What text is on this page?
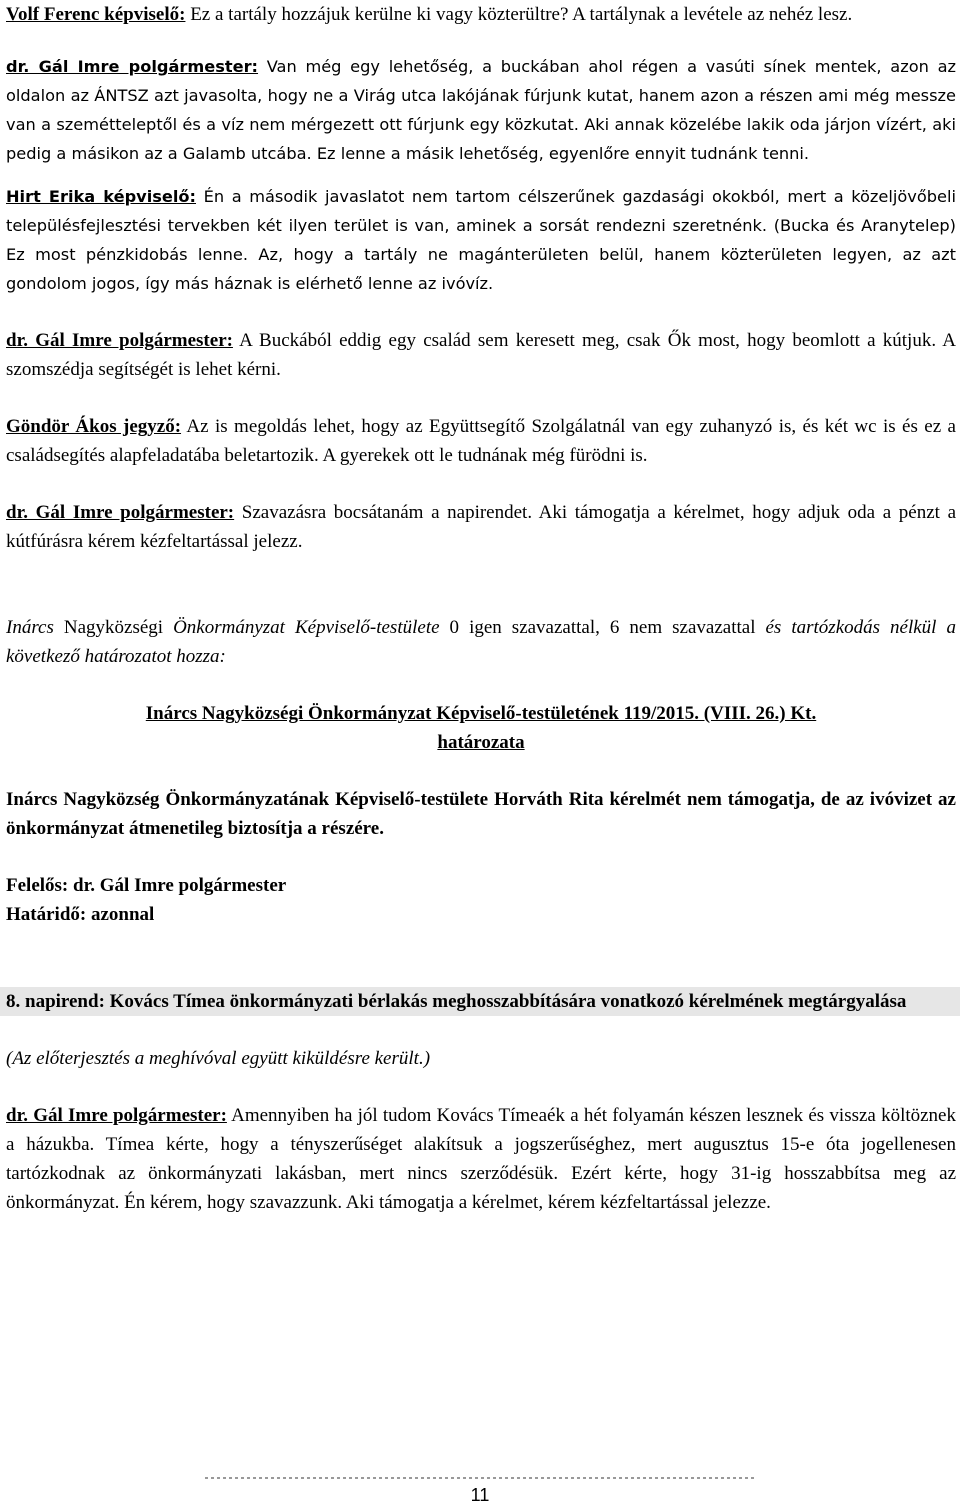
Volf Ferenc képviselő: Ez a tartály hozzájuk kerülne ki vagy közterültre? A tartálynak a levétele az nehéz lesz.

dr. Gál Imre polgármester: Van még egy lehetőség, a buckában ahol régen a vasúti sínek mentek, azon az oldalon az ÁNTSZ azt javasolta, hogy ne a Virág utca lakójának fúrjunk kutat, hanem azon a részen ami még messze van a szemétteleptől és a víz nem mérgezett ott fúrjunk egy közkutat. Aki annak közelébe lakik oda járjon vízért, aki pedig a másikon az a Galamb utcába. Ez lenne a másik lehetőség, egyenlőre ennyit tudnánk tenni.

Hirt Erika képviselő: Én a második javaslatot nem tartom célszerűnek gazdasági okokból, mert a közeljövőbeli településfejlesztési tervekben két ilyen terület is van, aminek a sorsát rendezni szeretnénk. (Bucka és Aranytelep) Ez most pénzkidobás lenne. Az, hogy a tartály ne magánterületen belül, hanem közterületen legyen, az azt gondolom jogos, így más háznak is elérhető lenne az ivóvíz.

dr. Gál Imre polgármester: A Buckából eddig egy család sem keresett meg, csak Ők most, hogy beomlott a kútjuk. A szomszédja segítségét is lehet kérni.

Göndör Ákos jegyző: Az is megoldás lehet, hogy az Együttsegítő Szolgálatnál van egy zuhanyzó is, és két wc is és ez a családsegítés alapfeladatába beletartozik. A gyerekek ott le tudnának még fürödni is.

dr. Gál Imre polgármester: Szavazásra bocsátanám a napirendet. Aki támogatja a kérelmet, hogy adjuk oda a pénzt a kútfúrásra kérem kézfeltartással jelezz.

Inárcs Nagyközségi Önkormányzat Képviselő-testülete 0 igen szavazattal, 6 nem szavazattal és tartózkodás nélkül a következő határozatot hozza:

Inárcs Nagyközségi Önkormányzat Képviselő-testületének 119/2015. (VIII. 26.) Kt.
határozata

Inárcs Nagyközség Önkormányzatának Képviselő-testülete Horváth Rita kérelmét nem támogatja, de az ivóvizet az önkormányzat átmenetileg biztosítja a részére.

Felelős: dr. Gál Imre polgármester

Határidő: azonnal

8. napirend: Kovács Tímea önkormányzati bérlakás meghosszabbítására vonatkozó kérelmének megtárgyalása

(Az előterjesztés a meghívóval együtt kiküldésre került.)

dr. Gál Imre polgármester: Amennyiben ha jól tudom Kovács Tímeaék a hét folyamán készen lesznek és vissza költöznek a házukba. Tímea kérte, hogy a tényszerűséget alakítsuk a jogszerűséghez, mert augusztus 15-e óta jogellenesen tartózkodnak az önkormányzati lakásban, mert nincs szerződésük. Ezért kérte, hogy 31-ig hosszabbítsa meg az önkormányzat. Én kérem, hogy szavazzunk. Aki támogatja a kérelmet, kérem kézfeltartással jelezze.

11
